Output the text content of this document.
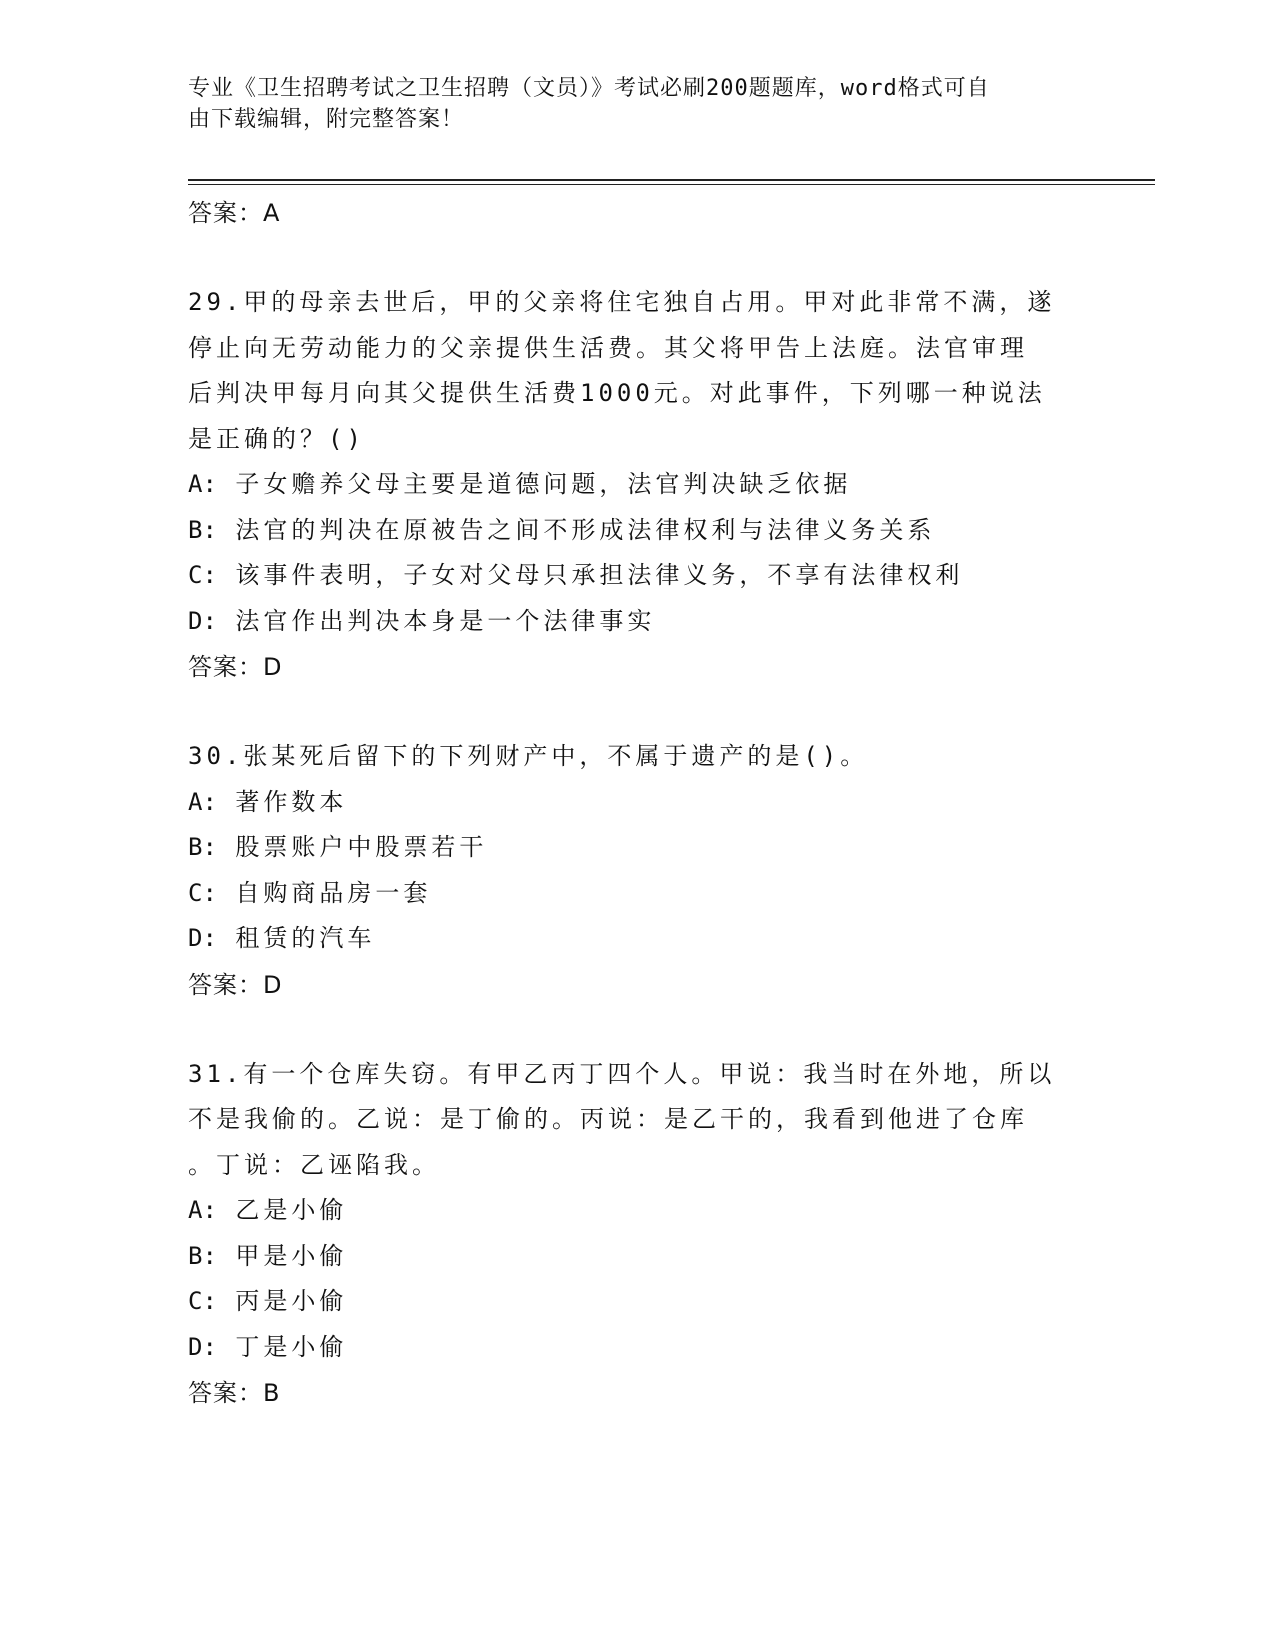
专业《卫生招聘考试之卫生招聘（文员）》考试必刷200题题库，word格式可自
由下载编辑，附完整答案！
答案：A
29.甲的母亲去世后，甲的父亲将住宅独自占用。甲对此非常不满，遂
停止向无劳动能力的父亲提供生活费。其父将甲告上法庭。法官审理
后判决甲每月向其父提供生活费1000元。对此事件，下列哪一种说法
是正确的？()
A: 子女赡养父母主要是道德问题，法官判决缺乏依据
B: 法官的判决在原被告之间不形成法律权利与法律义务关系
C: 该事件表明，子女对父母只承担法律义务，不享有法律权利
D: 法官作出判决本身是一个法律事实
答案：D
30.张某死后留下的下列财产中，不属于遗产的是()。
A: 著作数本
B: 股票账户中股票若干
C: 自购商品房一套
D: 租赁的汽车
答案：D
31.有一个仓库失窃。有甲乙丙丁四个人。甲说：我当时在外地，所以
不是我偷的。乙说：是丁偷的。丙说：是乙干的，我看到他进了仓库
。丁说：乙诬陷我。
A: 乙是小偷
B: 甲是小偷
C: 丙是小偷
D: 丁是小偷
答案：B
